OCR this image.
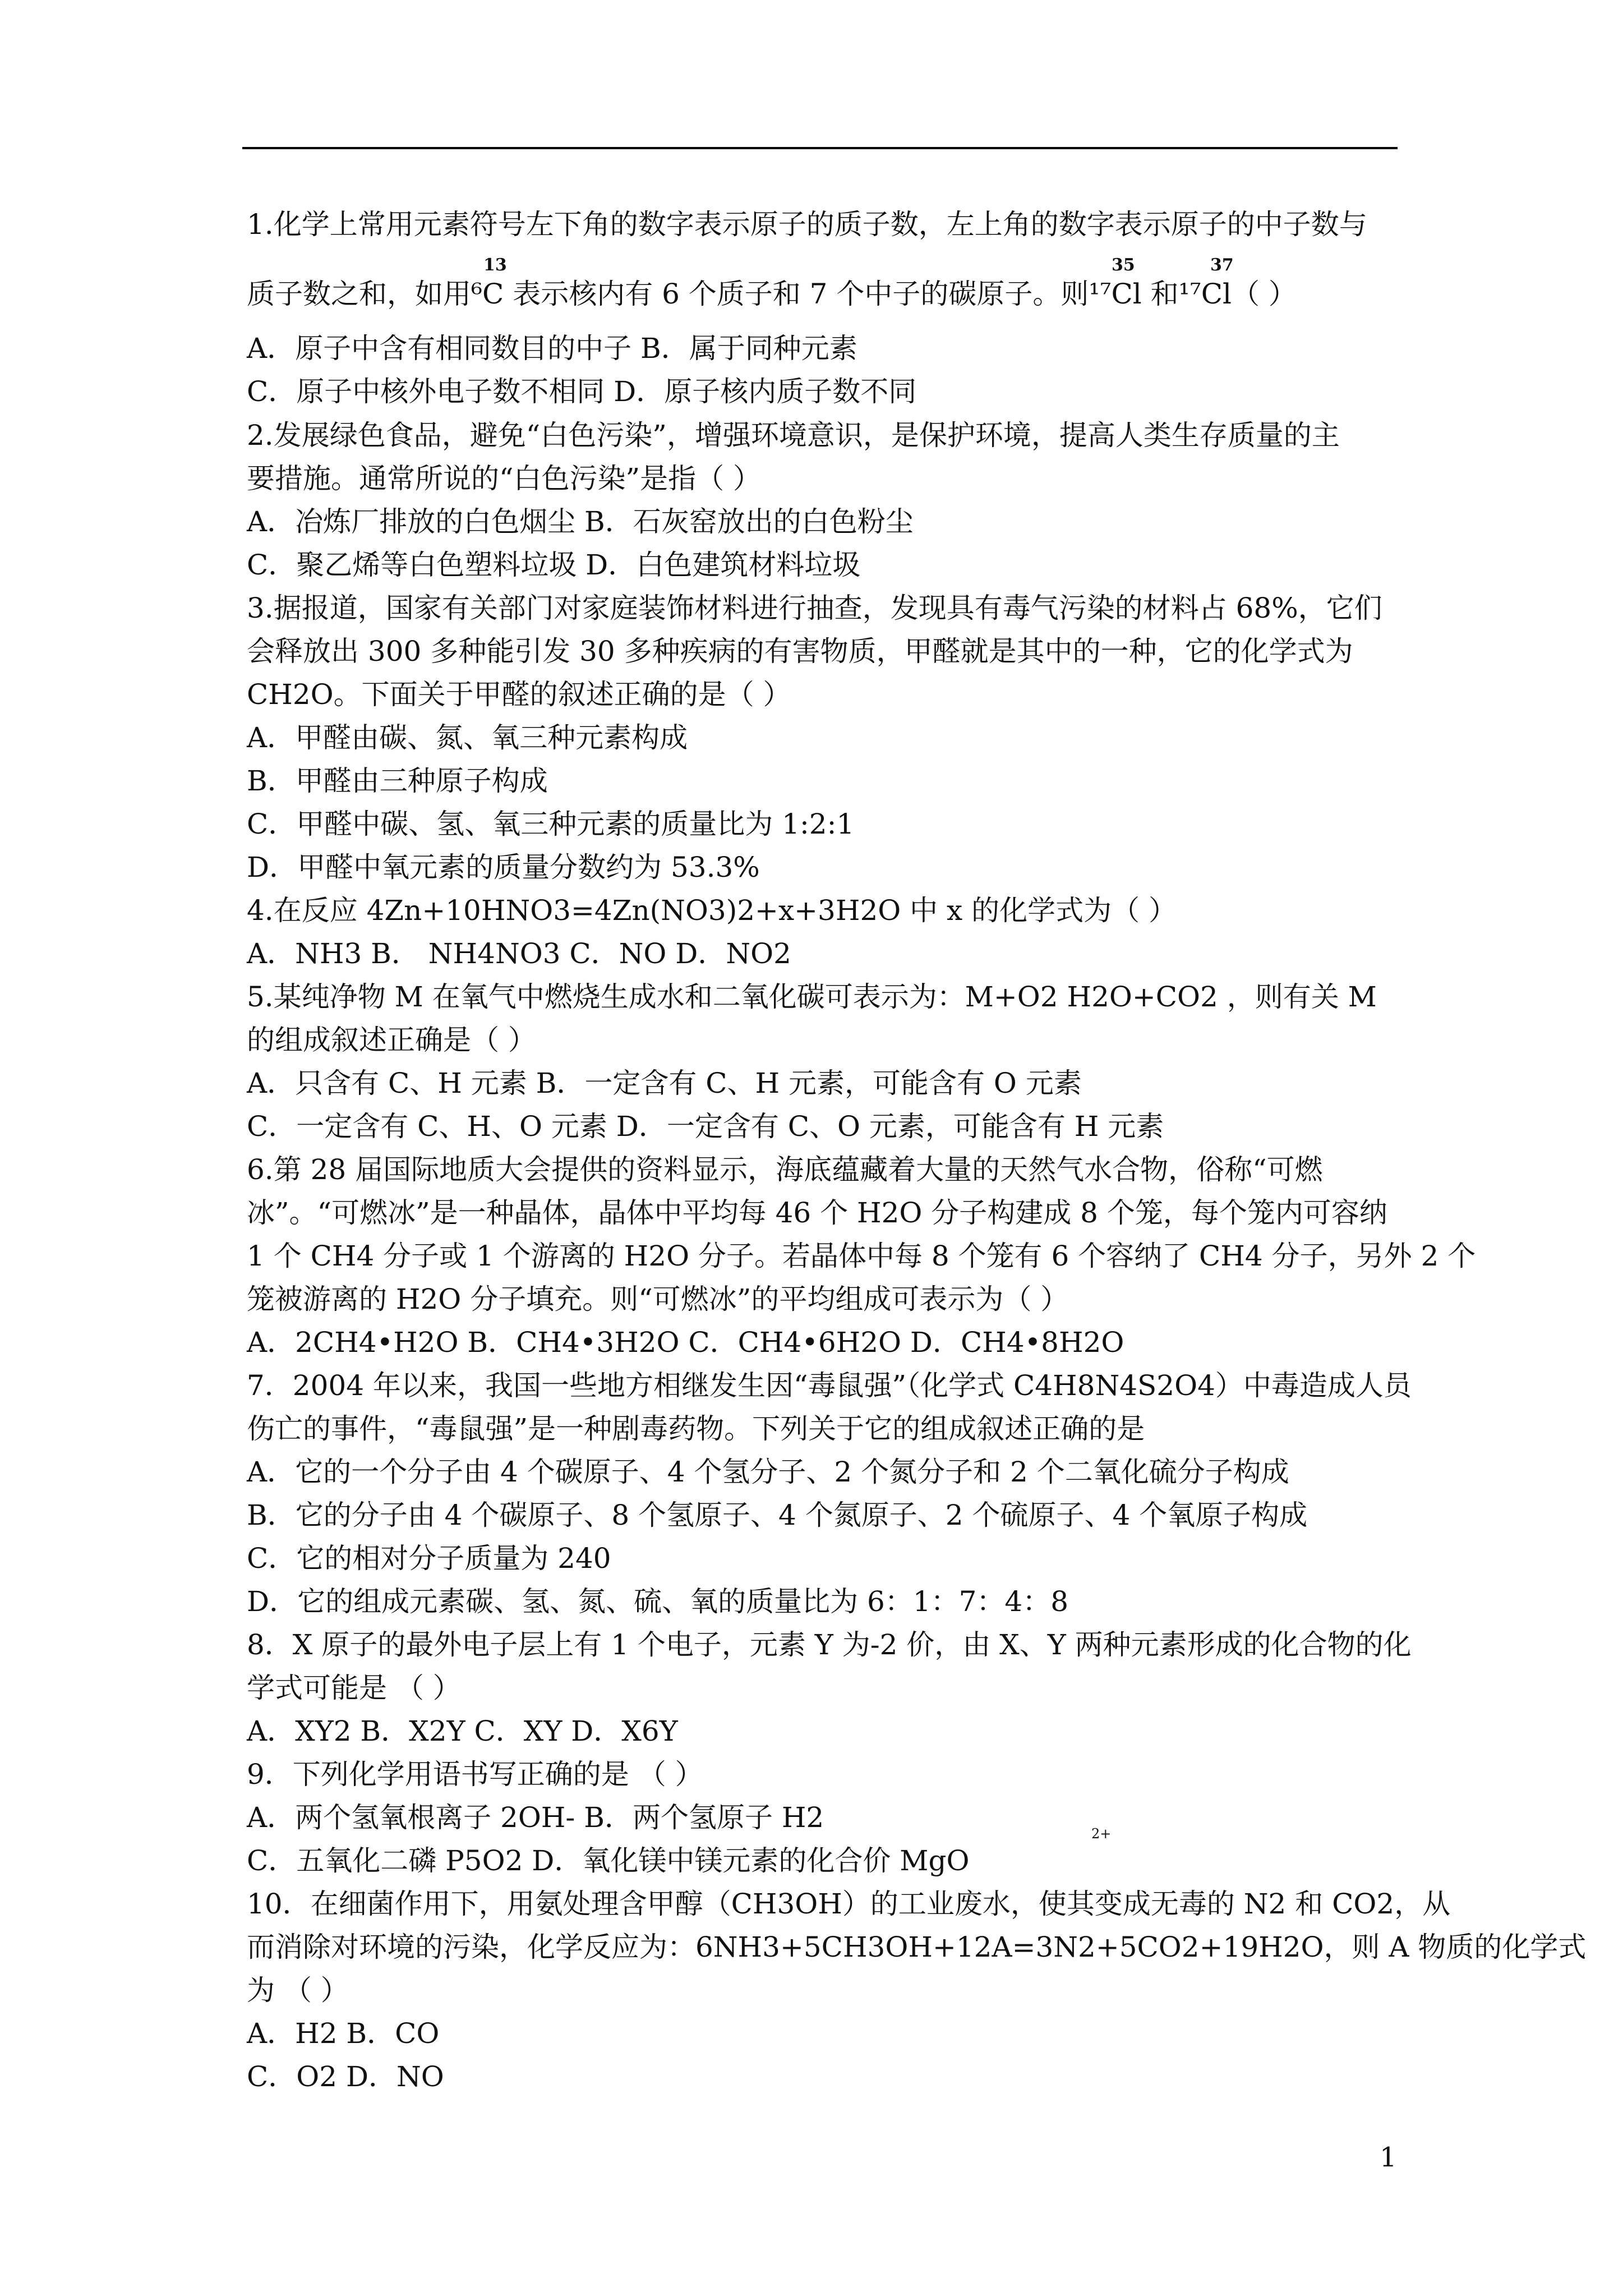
1.化学上常用元素符号左下角的数字表示原子的质子数，左上角的数字表示原子的中子数与
质子数之和，如用⁶C 表示核内有 6 个质子和 7 个中子的碳原子。则¹⁷Cl 和¹⁷Cl（ ）
A．原子中含有相同数目的中子 B．属于同种元素
C．原子中核外电子数不相同 D．原子核内质子数不同
2.发展绿色食品，避免“白色污染”，增强环境意识，是保护环境，提高人类生存质量的主
要措施。通常所说的“白色污染”是指（ ）
A．冶炼厂排放的白色烟尘 B．石灰窑放出的白色粉尘
C．聚乙烯等白色塑料垃圾 D．白色建筑材料垃圾
3.据报道，国家有关部门对家庭装饰材料进行抽查，发现具有毒气污染的材料占 68%，它们
会释放出 300 多种能引发 30 多种疾病的有害物质，甲醛就是其中的一种，它的化学式为
CH2O。下面关于甲醛的叙述正确的是（ ）
A．甲醛由碳、氮、氧三种元素构成
B．甲醛由三种原子构成
C．甲醛中碳、氢、氧三种元素的质量比为 1:2:1
D．甲醛中氧元素的质量分数约为 53.3%
4.在反应 4Zn+10HNO3=4Zn(NO3)2+x+3H2O 中 x 的化学式为（ ）
A．NH3 B． NH4NO3 C．NO D．NO2
5.某纯净物 M 在氧气中燃烧生成水和二氧化碳可表示为：M+O2 H2O+CO2 ，则有关 M
的组成叙述正确是（ ）
A．只含有 C、H 元素 B．一定含有 C、H 元素，可能含有 O 元素
C．一定含有 C、H、O 元素 D．一定含有 C、O 元素，可能含有 H 元素
6.第 28 届国际地质大会提供的资料显示，海底蕴藏着大量的天然气水合物，俗称“可燃
冰”。“可燃冰”是一种晶体，晶体中平均每 46 个 H2O 分子构建成 8 个笼，每个笼内可容纳
1 个 CH4 分子或 1 个游离的 H2O 分子。若晶体中每 8 个笼有 6 个容纳了 CH4 分子，另外 2 个
笼被游离的 H2O 分子填充。则“可燃冰”的平均组成可表示为（ ）
A．2CH4•H2O B．CH4•3H2O C．CH4•6H2O D．CH4•8H2O
7．2004 年以来，我国一些地方相继发生因“毒鼠强”（化学式 C4H8N4S2O4）中毒造成人员
伤亡的事件，“毒鼠强”是一种剧毒药物。下列关于它的组成叙述正确的是
A．它的一个分子由 4 个碳原子、4 个氢分子、2 个氮分子和 2 个二氧化硫分子构成
B．它的分子由 4 个碳原子、8 个氢原子、4 个氮原子、2 个硫原子、4 个氧原子构成
C．它的相对分子质量为 240
D．它的组成元素碳、氢、氮、硫、氧的质量比为 6：1：7：4：8
8．X 原子的最外电子层上有 1 个电子，元素 Y 为-2 价，由 X、Y 两种元素形成的化合物的化
学式可能是 （ ）
A．XY2 B．X2Y C．XY D．X6Y
9．下列化学用语书写正确的是 （ ）
A．两个氢氧根离子 2OH- B．两个氢原子 H2
C．五氧化二磷 P5O2 D．氧化镁中镁元素的化合价 MgO
10．在细菌作用下，用氨处理含甲醇（CH3OH）的工业废水，使其变成无毒的 N2 和 CO2，从
而消除对环境的污染，化学反应为：6NH3+5CH3OH+12A=3N2+5CO2+19H2O，则 A 物质的化学式
为 （ ）
A．H2 B．CO
C．O2 D．NO
13	35	37
2+
1
